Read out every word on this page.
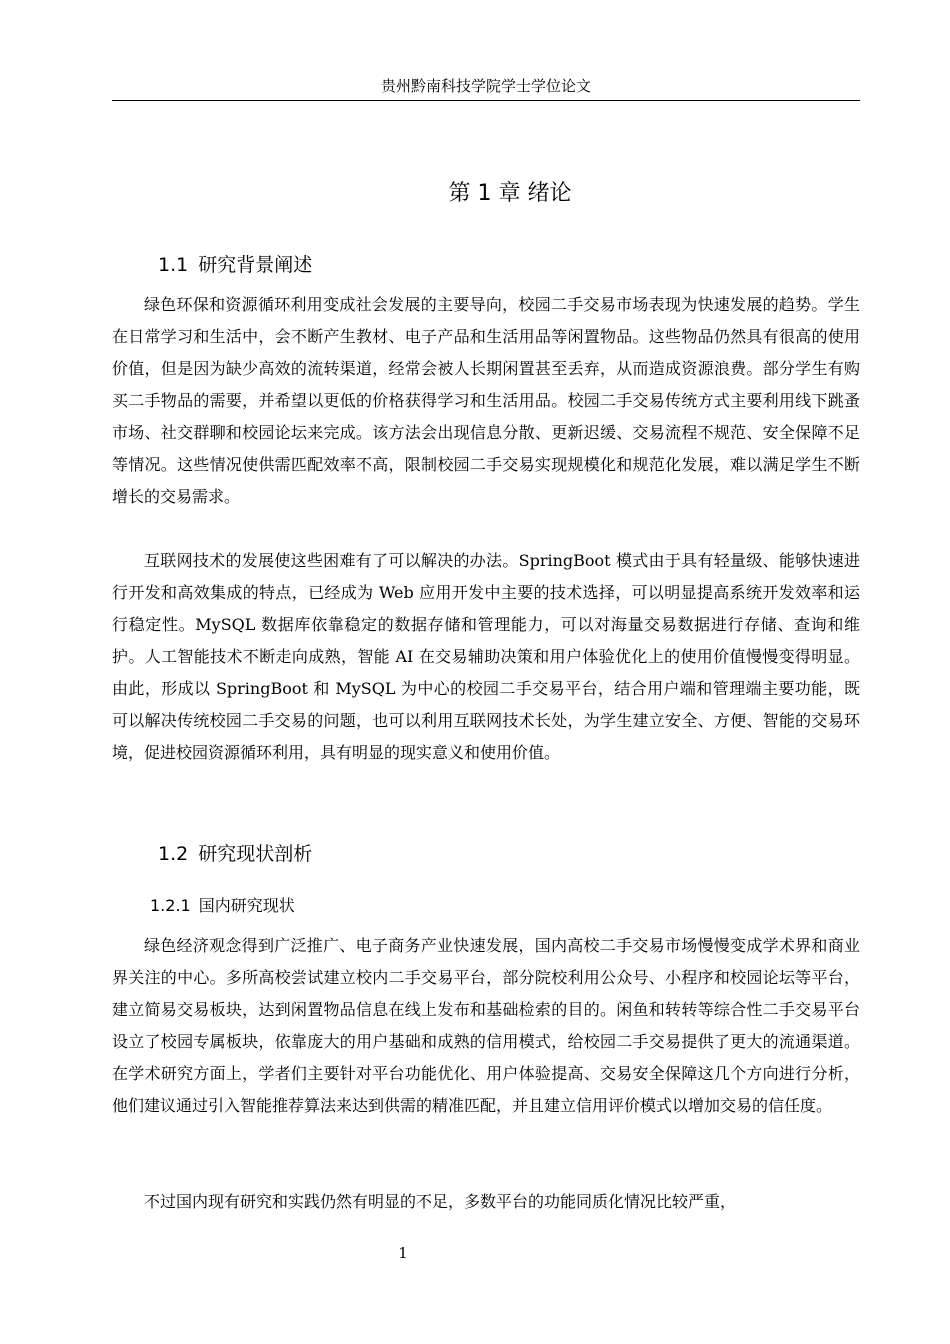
贵州黔南科技学院学士学位论文
第 1 章 绪论
1.1 研究背景阐述

绿色环保和资源循环利用变成社会发展的主要导向，校园二手交易市场表现为快速发展的趋势。学生在日常学习和生活中，会不断产生教材、电子产品和生活用品等闲置物品。这些物品仍然具有很高的使用价值，但是因为缺少高效的流转渠道，经常会被人长期闲置甚至丢弃，从而造成资源浪费。部分学生有购买二手物品的需要，并希望以更低的价格获得学习和生活用品。校园二手交易传统方式主要利用线下跳蚤市场、社交群聊和校园论坛来完成。该方法会出现信息分散、更新迟缓、交易流程不规范、安全保障不足等情况。这些情况使供需匹配效率不高，限制校园二手交易实现规模化和规范化发展，难以满足学生不断增长的交易需求。

互联网技术的发展使这些困难有了可以解决的办法。SpringBoot 模式由于具有轻量级、能够快速进行开发和高效集成的特点，已经成为 Web 应用开发中主要的技术选择，可以明显提高系统开发效率和运行稳定性。MySQL 数据库依靠稳定的数据存储和管理能力，可以对海量交易数据进行存储、查询和维护。人工智能技术不断走向成熟，智能 AI 在交易辅助决策和用户体验优化上的使用价值慢慢变得明显。由此，形成以 SpringBoot 和 MySQL 为中心的校园二手交易平台，结合用户端和管理端主要功能，既可以解决传统校园二手交易的问题，也可以利用互联网技术长处，为学生建立安全、方便、智能的交易环境，促进校园资源循环利用，具有明显的现实意义和使用价值。

1.2 研究现状剖析
1.2.1 国内研究现状

绿色经济观念得到广泛推广、电子商务产业快速发展，国内高校二手交易市场慢慢变成学术界和商业界关注的中心。多所高校尝试建立校内二手交易平台，部分院校利用公众号、小程序和校园论坛等平台，建立简易交易板块，达到闲置物品信息在线上发布和基础检索的目的。闲鱼和转转等综合性二手交易平台设立了校园专属板块，依靠庞大的用户基础和成熟的信用模式，给校园二手交易提供了更大的流通渠道。在学术研究方面上，学者们主要针对平台功能优化、用户体验提高、交易安全保障这几个方向进行分析，他们建议通过引入智能推荐算法来达到供需的精准匹配，并且建立信用评价模式以增加交易的信任度。

不过国内现有研究和实践仍然有明显的不足，多数平台的功能同质化情况比较严重，

1
